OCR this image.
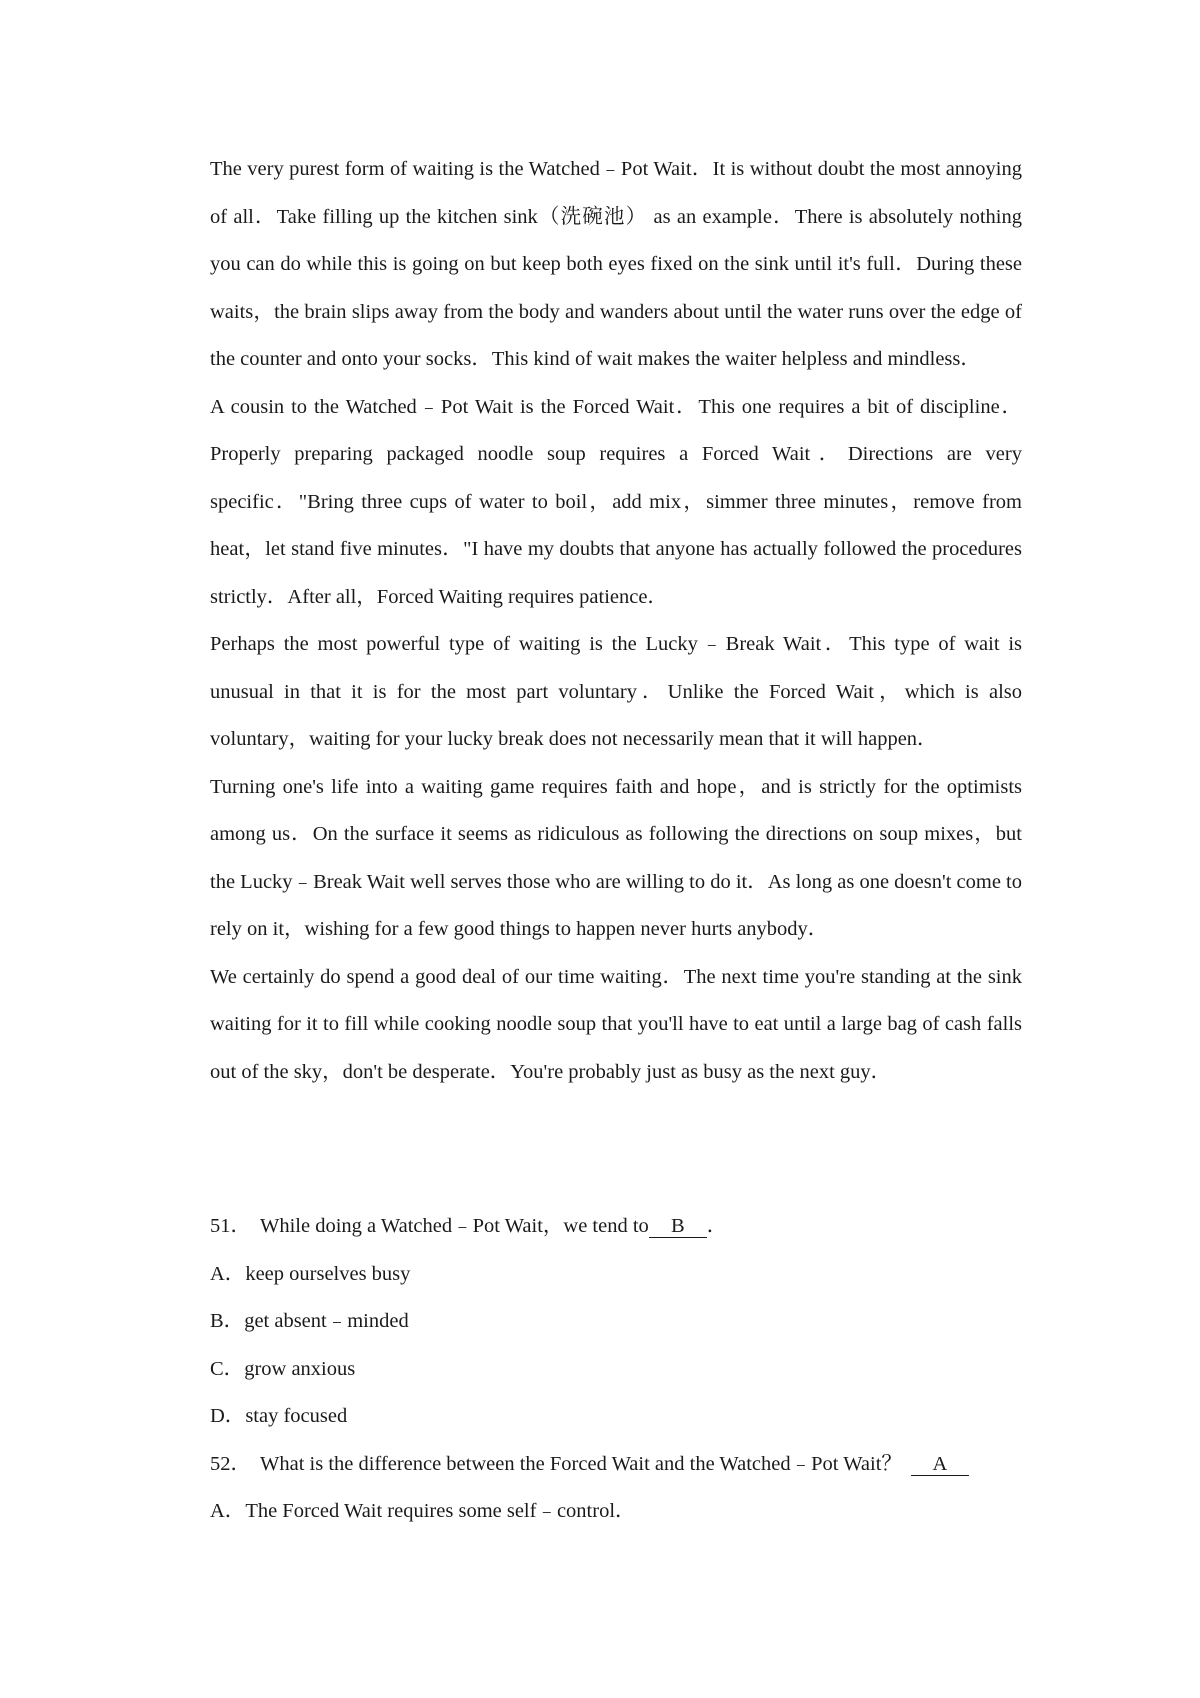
The very purest form of waiting is the Watched﹣Pot Wait．It is without doubt the most annoying of all．Take filling up the kitchen sink（洗碗池） as an example．There is absolutely nothing you can do while this is going on but keep both eyes fixed on the sink until it's full．During these waits，the brain slips away from the body and wanders about until the water runs over the edge of the counter and onto your socks．This kind of wait makes the waiter helpless and mindless．

A cousin to the Watched﹣Pot Wait is the Forced Wait．This one requires a bit of discipline．Properly preparing packaged noodle soup requires a Forced Wait．Directions are very specific．"Bring three cups of water to boil，add mix，simmer three minutes，remove from heat，let stand five minutes．"I have my doubts that anyone has actually followed the procedures strictly．After all，Forced Waiting requires patience．

Perhaps the most powerful type of waiting is the Lucky﹣Break Wait．This type of wait is unusual in that it is for the most part voluntary．Unlike the Forced Wait，which is also voluntary，waiting for your lucky break does not necessarily mean that it will happen．

Turning one's life into a waiting game requires faith and hope，and is strictly for the optimists among us．On the surface it seems as ridiculous as following the directions on soup mixes，but the Lucky﹣Break Wait well serves those who are willing to do it．As long as one doesn't come to rely on it，wishing for a few good things to happen never hurts anybody．

We certainly do spend a good deal of our time waiting．The next time you're standing at the sink waiting for it to fill while cooking noodle soup that you'll have to eat until a large bag of cash falls out of the sky，don't be desperate．You're probably just as busy as the next guy．

51． While doing a Watched﹣Pot Wait，we tend to B ．

A．keep ourselves busy

B．get absent﹣minded

C．grow anxious

D．stay focused

52． What is the difference between the Forced Wait and the Watched﹣Pot Wait？ A

A．The Forced Wait requires some self﹣control．
